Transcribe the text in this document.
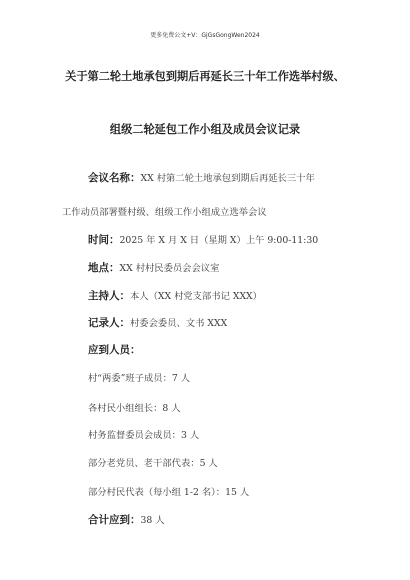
更多免费公文+V：GjGsGongWen2024
关于第二轮土地承包到期后再延长三十年工作选举村级、
组级二轮延包工作小组及成员会议记录
会议名称：XX 村第二轮土地承包到期后再延长三十年
工作动员部署暨村级、组级工作小组成立选举会议
时间：2025 年 X 月 X 日（星期 X）上午 9:00-11:30
地点：XX 村村民委员会会议室
主持人：本人（XX 村党支部书记 XXX）
记录人：村委会委员、文书 XXX
应到人员：
村“两委”班子成员：7 人
各村民小组组长：8 人
村务监督委员会成员：3 人
部分老党员、老干部代表：5 人
部分村民代表（每小组 1-2 名）：15 人
合计应到：38 人
